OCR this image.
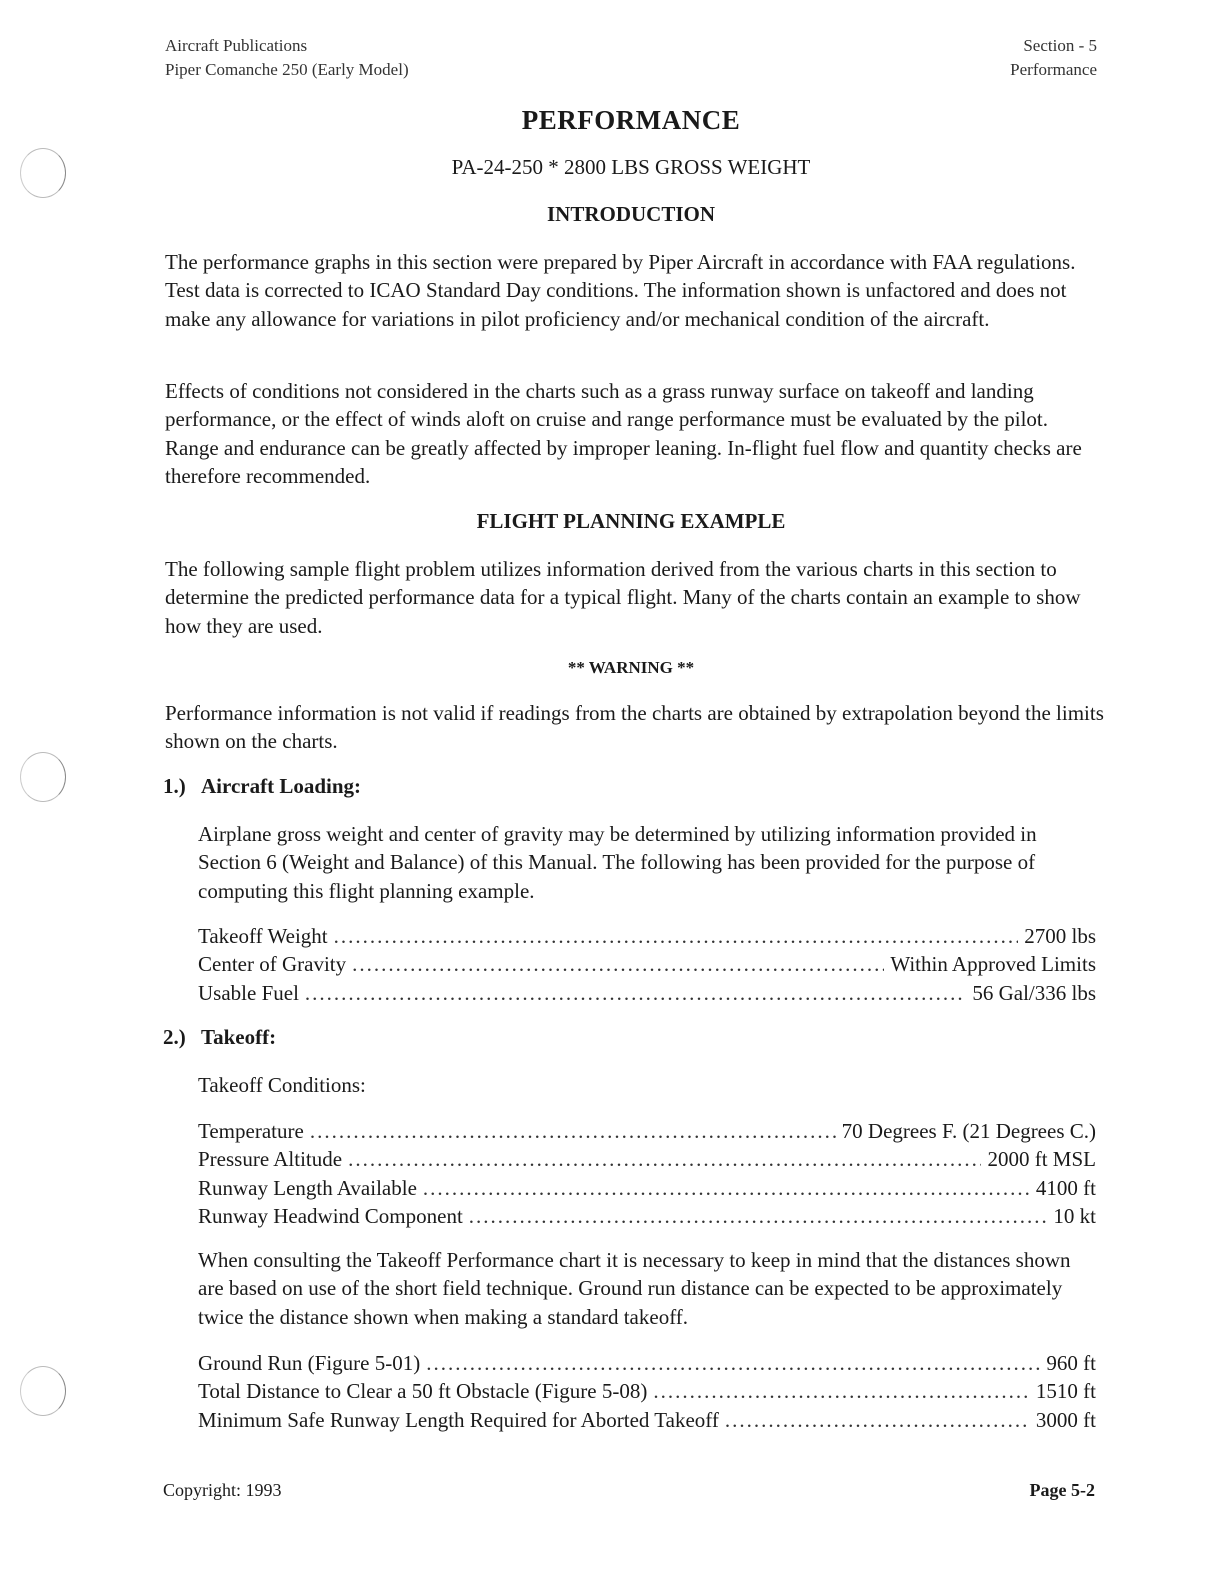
Aircraft Publications
Piper Comanche 250 (Early Model)
Section - 5
Performance
PERFORMANCE
PA-24-250 * 2800 LBS GROSS WEIGHT
INTRODUCTION

The performance graphs in this section were prepared by Piper Aircraft in accordance with FAA regulations. Test data is corrected to ICAO Standard Day conditions. The information shown is unfactored and does not make any allowance for variations in pilot proficiency and/or mechanical condition of the aircraft.

Effects of conditions not considered in the charts such as a grass runway surface on takeoff and landing performance, or the effect of winds aloft on cruise and range performance must be evaluated by the pilot. Range and endurance can be greatly affected by improper leaning. In-flight fuel flow and quantity checks are therefore recommended.

FLIGHT PLANNING EXAMPLE

The following sample flight problem utilizes information derived from the various charts in this section to determine the predicted performance data for a typical flight. Many of the charts contain an example to show how they are used.

** WARNING **

Performance information is not valid if readings from the charts are obtained by extrapolation beyond the limits shown on the charts.

1.) Aircraft Loading:

Airplane gross weight and center of gravity may be determined by utilizing information provided in Section 6 (Weight and Balance) of this Manual. The following has been provided for the purpose of computing this flight planning example.

Takeoff Weight .....	2700 lbs
Center of Gravity .....	Within Approved Limits
Usable Fuel .....	56 Gal/336 lbs
2.) Takeoff:
Takeoff Conditions:
Temperature .....	70 Degrees F. (21 Degrees C.)
Pressure Altitude .....	2000 ft MSL
Runway Length Available .....	4100 ft
Runway Headwind Component .....	10 kt

When consulting the Takeoff Performance chart it is necessary to keep in mind that the distances shown are based on use of the short field technique. Ground run distance can be expected to be approximately twice the distance shown when making a standard takeoff.

Ground Run (Figure 5-01) .....	960 ft
Total Distance to Clear a 50 ft Obstacle (Figure 5-08) .....	1510 ft
Minimum Safe Runway Length Required for Aborted Takeoff .....	3000 ft
Copyright: 1993	Page 5-2
